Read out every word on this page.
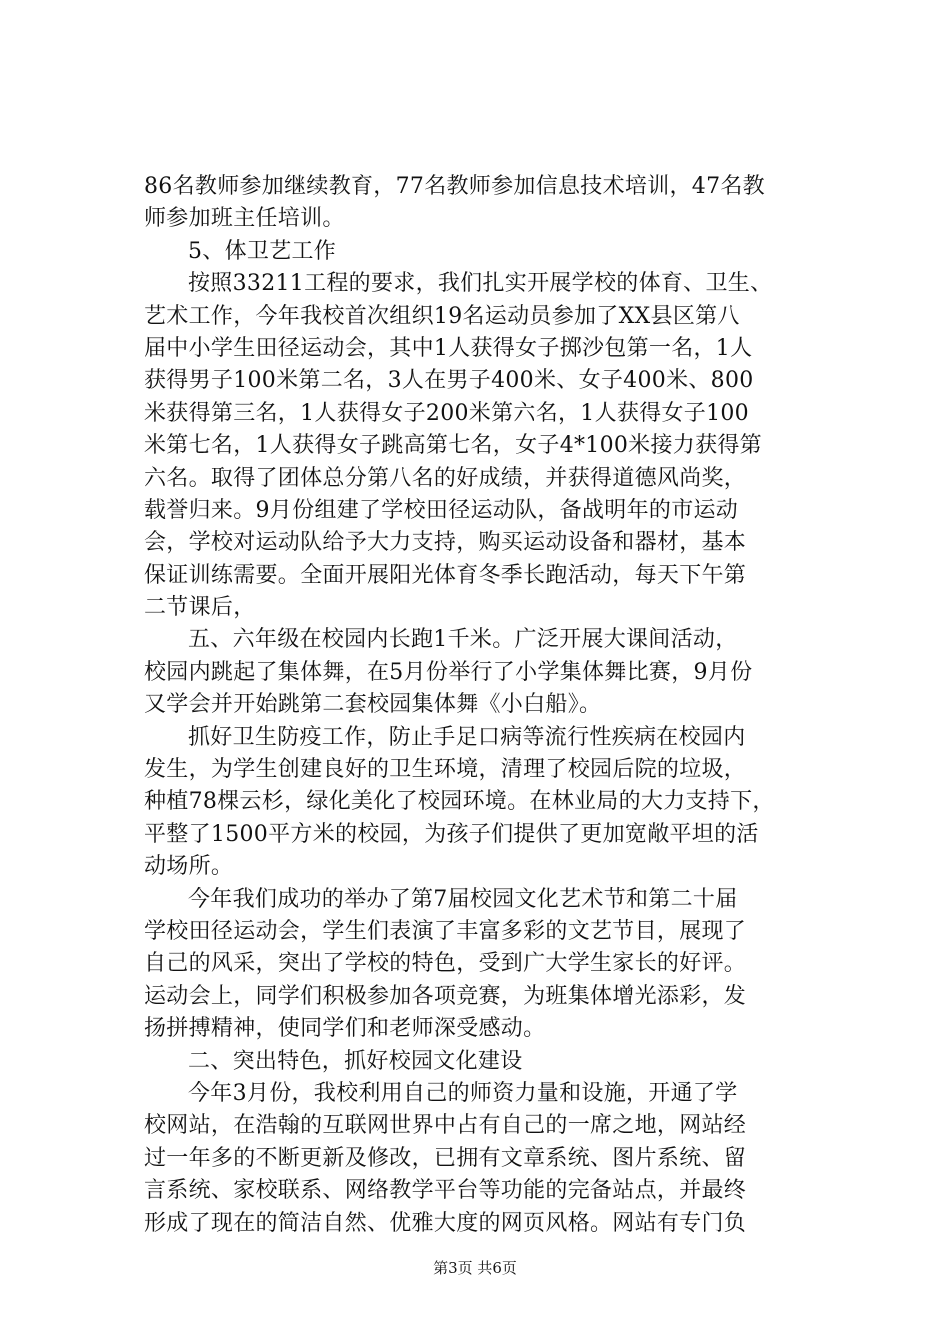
86名教师参加继续教育，77名教师参加信息技术培训，47名教
师参加班主任培训。
5、体卫艺工作
按照33211工程的要求，我们扎实开展学校的体育、卫生、
艺术工作，今年我校首次组织19名运动员参加了XX县区第八
届中小学生田径运动会，其中1人获得女子掷沙包第一名，1人
获得男子100米第二名，3人在男子400米、女子400米、800
米获得第三名，1人获得女子200米第六名，1人获得女子100
米第七名，1人获得女子跳高第七名，女子4*100米接力获得第
六名。取得了团体总分第八名的好成绩，并获得道德风尚奖，
载誉归来。9月份组建了学校田径运动队，备战明年的市运动
会，学校对运动队给予大力支持，购买运动设备和器材，基本
保证训练需要。全面开展阳光体育冬季长跑活动，每天下午第
二节课后，
五、六年级在校园内长跑1千米。广泛开展大课间活动，
校园内跳起了集体舞，在5月份举行了小学集体舞比赛，9月份
又学会并开始跳第二套校园集体舞《小白船》。
抓好卫生防疫工作，防止手足口病等流行性疾病在校园内
发生，为学生创建良好的卫生环境，清理了校园后院的垃圾，
种植78棵云杉，绿化美化了校园环境。在林业局的大力支持下，
平整了1500平方米的校园，为孩子们提供了更加宽敞平坦的活
动场所。
今年我们成功的举办了第7届校园文化艺术节和第二十届
学校田径运动会，学生们表演了丰富多彩的文艺节目，展现了
自己的风采，突出了学校的特色，受到广大学生家长的好评。
运动会上，同学们积极参加各项竞赛，为班集体增光添彩，发
扬拼搏精神，使同学们和老师深受感动。
二、突出特色，抓好校园文化建设
今年3月份，我校利用自己的师资力量和设施，开通了学
校网站，在浩翰的互联网世界中占有自己的一席之地，网站经
过一年多的不断更新及修改，已拥有文章系统、图片系统、留
言系统、家校联系、网络教学平台等功能的完备站点，并最终
形成了现在的简洁自然、优雅大度的网页风格。网站有专门负
第3页 共6页
